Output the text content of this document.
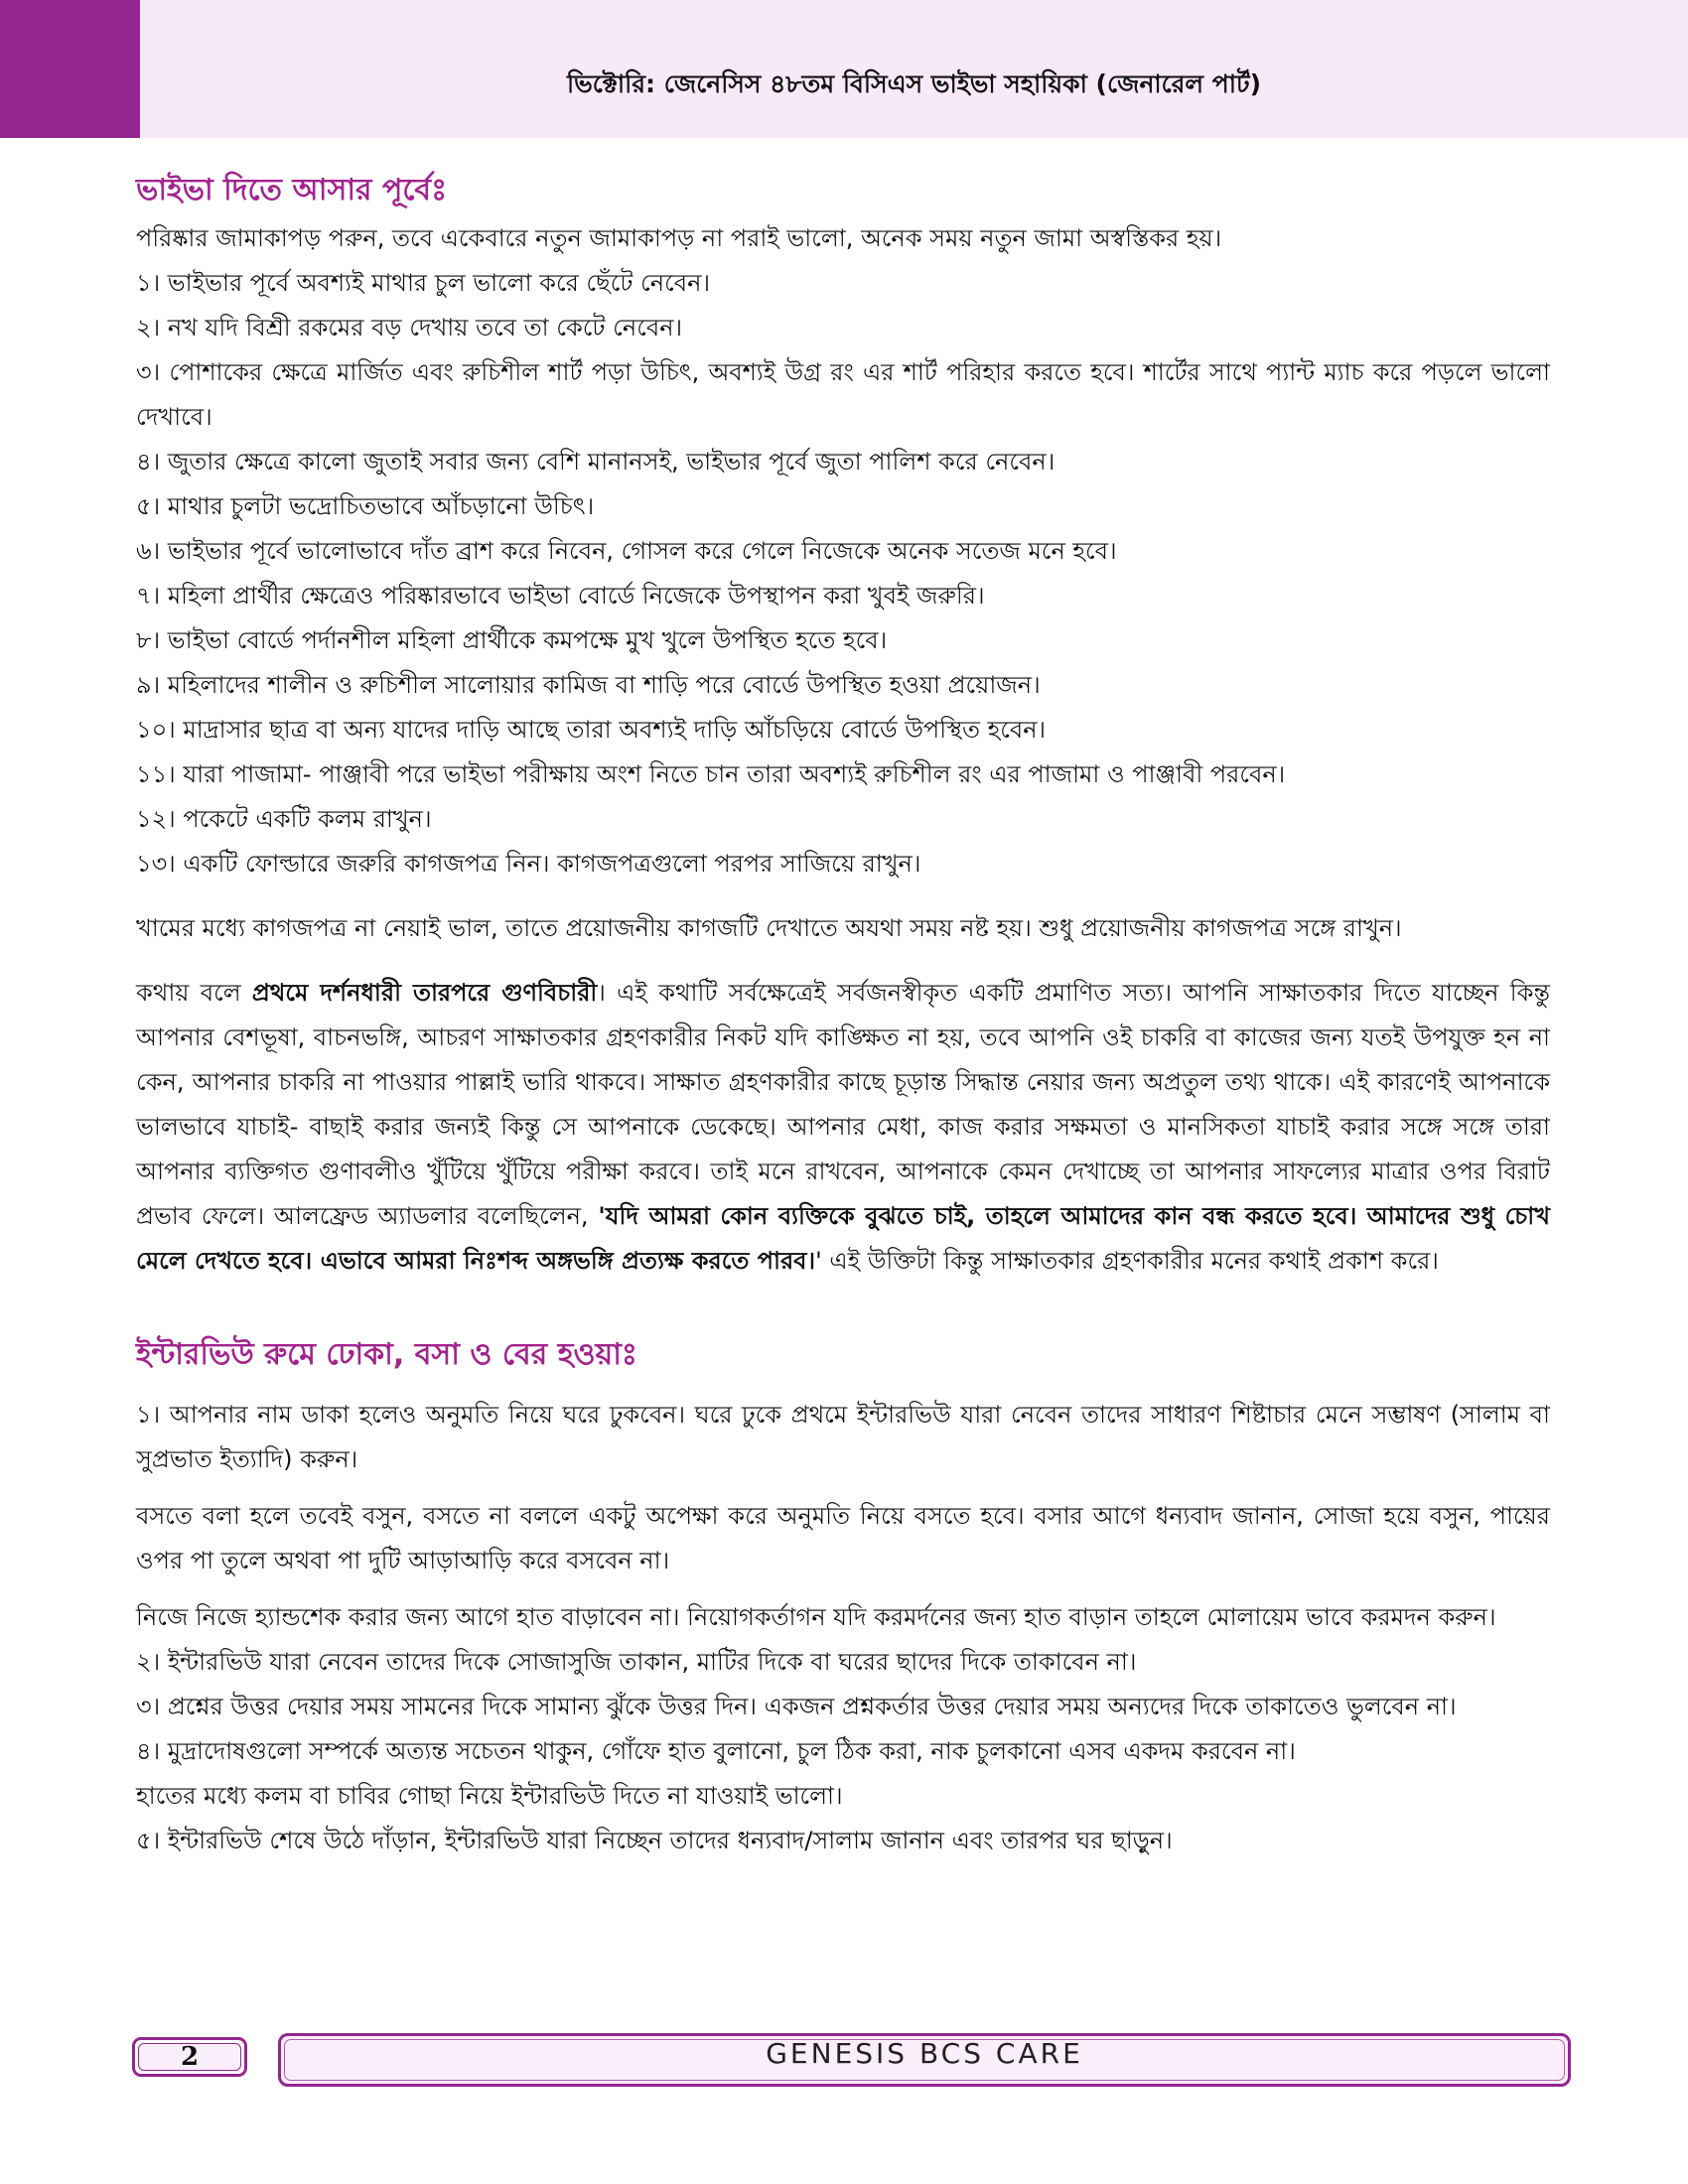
ভিক্টোরি: জেনেসিস ৪৮তম বিসিএস ভাইভা সহায়িকা (জেনারেল পার্ট)
ভাইভা দিতে আসার পূর্বেঃ

পরিষ্কার জামাকাপড় পরুন, তবে একেবারে নতুন জামাকাপড় না পরাই ভালো, অনেক সময় নতুন জামা অস্বস্তিকর হয়।

১। ভাইভার পূর্বে অবশ্যই মাথার চুল ভালো করে ছেঁটে নেবেন।

২। নখ যদি বিশ্রী রকমের বড় দেখায় তবে তা কেটে নেবেন।

৩। পোশাকের ক্ষেত্রে মার্জিত এবং রুচিশীল শার্ট পড়া উচিৎ, অবশ্যই উগ্র রং এর শার্ট পরিহার করতে হবে। শার্টের সাথে প্যান্ট ম্যাচ করে পড়লে ভালো দেখাবে।

৪। জুতার ক্ষেত্রে কালো জুতাই সবার জন্য বেশি মানানসই, ভাইভার পূর্বে জুতা পালিশ করে নেবেন।

৫। মাথার চুলটা ভদ্রোচিতভাবে আঁচড়ানো উচিৎ।

৬। ভাইভার পূর্বে ভালোভাবে দাঁত ব্রাশ করে নিবেন, গোসল করে গেলে নিজেকে অনেক সতেজ মনে হবে।

৭। মহিলা প্রার্থীর ক্ষেত্রেও পরিষ্কারভাবে ভাইভা বোর্ডে নিজেকে উপস্থাপন করা খুবই জরুরি।

৮। ভাইভা বোর্ডে পর্দানশীল মহিলা প্রার্থীকে কমপক্ষে মুখ খুলে উপস্থিত হতে হবে।

৯। মহিলাদের শালীন ও রুচিশীল সালোয়ার কামিজ বা শাড়ি পরে বোর্ডে উপস্থিত হওয়া প্রয়োজন।

১০। মাদ্রাসার ছাত্র বা অন্য যাদের দাড়ি আছে তারা অবশ্যই দাড়ি আঁচড়িয়ে বোর্ডে উপস্থিত হবেন।

১১। যারা পাজামা- পাঞ্জাবী পরে ভাইভা পরীক্ষায় অংশ নিতে চান তারা অবশ্যই রুচিশীল রং এর পাজামা ও পাঞ্জাবী পরবেন।

১২। পকেটে একটি কলম রাখুন।

১৩। একটি ফোল্ডারে জরুরি কাগজপত্র নিন। কাগজপত্রগুলো পরপর সাজিয়ে রাখুন।

খামের মধ্যে কাগজপত্র না নেয়াই ভাল, তাতে প্রয়োজনীয় কাগজটি দেখাতে অযথা সময় নষ্ট হয়। শুধু প্রয়োজনীয় কাগজপত্র সঙ্গে রাখুন।

কথায় বলে প্রথমে দর্শনধারী তারপরে গুণবিচারী। এই কথাটি সর্বক্ষেত্রেই সর্বজনস্বীকৃত একটি প্রমাণিত সত্য। আপনি সাক্ষাতকার দিতে যাচ্ছেন কিন্তু আপনার বেশভূষা, বাচনভঙ্গি, আচরণ সাক্ষাতকার গ্রহণকারীর নিকট যদি কাঙ্ক্ষিত না হয়, তবে আপনি ওই চাকরি বা কাজের জন্য যতই উপযুক্ত হন না কেন, আপনার চাকরি না পাওয়ার পাল্লাই ভারি থাকবে। সাক্ষাত গ্রহণকারীর কাছে চূড়ান্ত সিদ্ধান্ত নেয়ার জন্য অপ্রতুল তথ্য থাকে। এই কারণেই আপনাকে ভালভাবে যাচাই- বাছাই করার জন্যই কিন্তু সে আপনাকে ডেকেছে। আপনার মেধা, কাজ করার সক্ষমতা ও মানসিকতা যাচাই করার সঙ্গে সঙ্গে তারা আপনার ব্যক্তিগত গুণাবলীও খুঁটিয়ে খুঁটিয়ে পরীক্ষা করবে। তাই মনে রাখবেন, আপনাকে কেমন দেখাচ্ছে তা আপনার সাফল্যের মাত্রার ওপর বিরাট প্রভাব ফেলে। আলফ্রেড অ্যাডলার বলেছিলেন, 'যদি আমরা কোন ব্যক্তিকে বুঝতে চাই, তাহলে আমাদের কান বন্ধ করতে হবে। আমাদের শুধু চোখ মেলে দেখতে হবে। এভাবে আমরা নিঃশব্দ অঙ্গভঙ্গি প্রত্যক্ষ করতে পারব।' এই উক্তিটা কিন্তু সাক্ষাতকার গ্রহণকারীর মনের কথাই প্রকাশ করে।

ইন্টারভিউ রুমে ঢোকা, বসা ও বের হওয়াঃ

১। আপনার নাম ডাকা হলেও অনুমতি নিয়ে ঘরে ঢুকবেন। ঘরে ঢুকে প্রথমে ইন্টারভিউ যারা নেবেন তাদের সাধারণ শিষ্টাচার মেনে সম্ভাষণ (সালাম বা সুপ্রভাত ইত্যাদি) করুন।

বসতে বলা হলে তবেই বসুন, বসতে না বললে একটু অপেক্ষা করে অনুমতি নিয়ে বসতে হবে। বসার আগে ধন্যবাদ জানান, সোজা হয়ে বসুন, পায়ের ওপর পা তুলে অথবা পা দুটি আড়াআড়ি করে বসবেন না।

নিজে নিজে হ্যান্ডশেক করার জন্য আগে হাত বাড়াবেন না। নিয়োগকর্তাগন যদি করমর্দনের জন্য হাত বাড়ান তাহলে মোলায়েম ভাবে করমদন করুন।

২। ইন্টারভিউ যারা নেবেন তাদের দিকে সোজাসুজি তাকান, মাটির দিকে বা ঘরের ছাদের দিকে তাকাবেন না।

৩। প্রশ্নের উত্তর দেয়ার সময় সামনের দিকে সামান্য ঝুঁকে উত্তর দিন। একজন প্রশ্নকর্তার উত্তর দেয়ার সময় অন্যদের দিকে তাকাতেও ভুলবেন না।

৪। মুদ্রাদোষগুলো সম্পর্কে অত্যন্ত সচেতন থাকুন, গোঁফে হাত বুলানো, চুল ঠিক করা, নাক চুলকানো এসব একদম করবেন না।

হাতের মধ্যে কলম বা চাবির গোছা নিয়ে ইন্টারভিউ দিতে না যাওয়াই ভালো।

৫। ইন্টারভিউ শেষে উঠে দাঁড়ান, ইন্টারভিউ যারা নিচ্ছেন তাদের ধন্যবাদ/সালাম জানান এবং তারপর ঘর ছাড়ুন।

2	GENESIS BCS CARE
